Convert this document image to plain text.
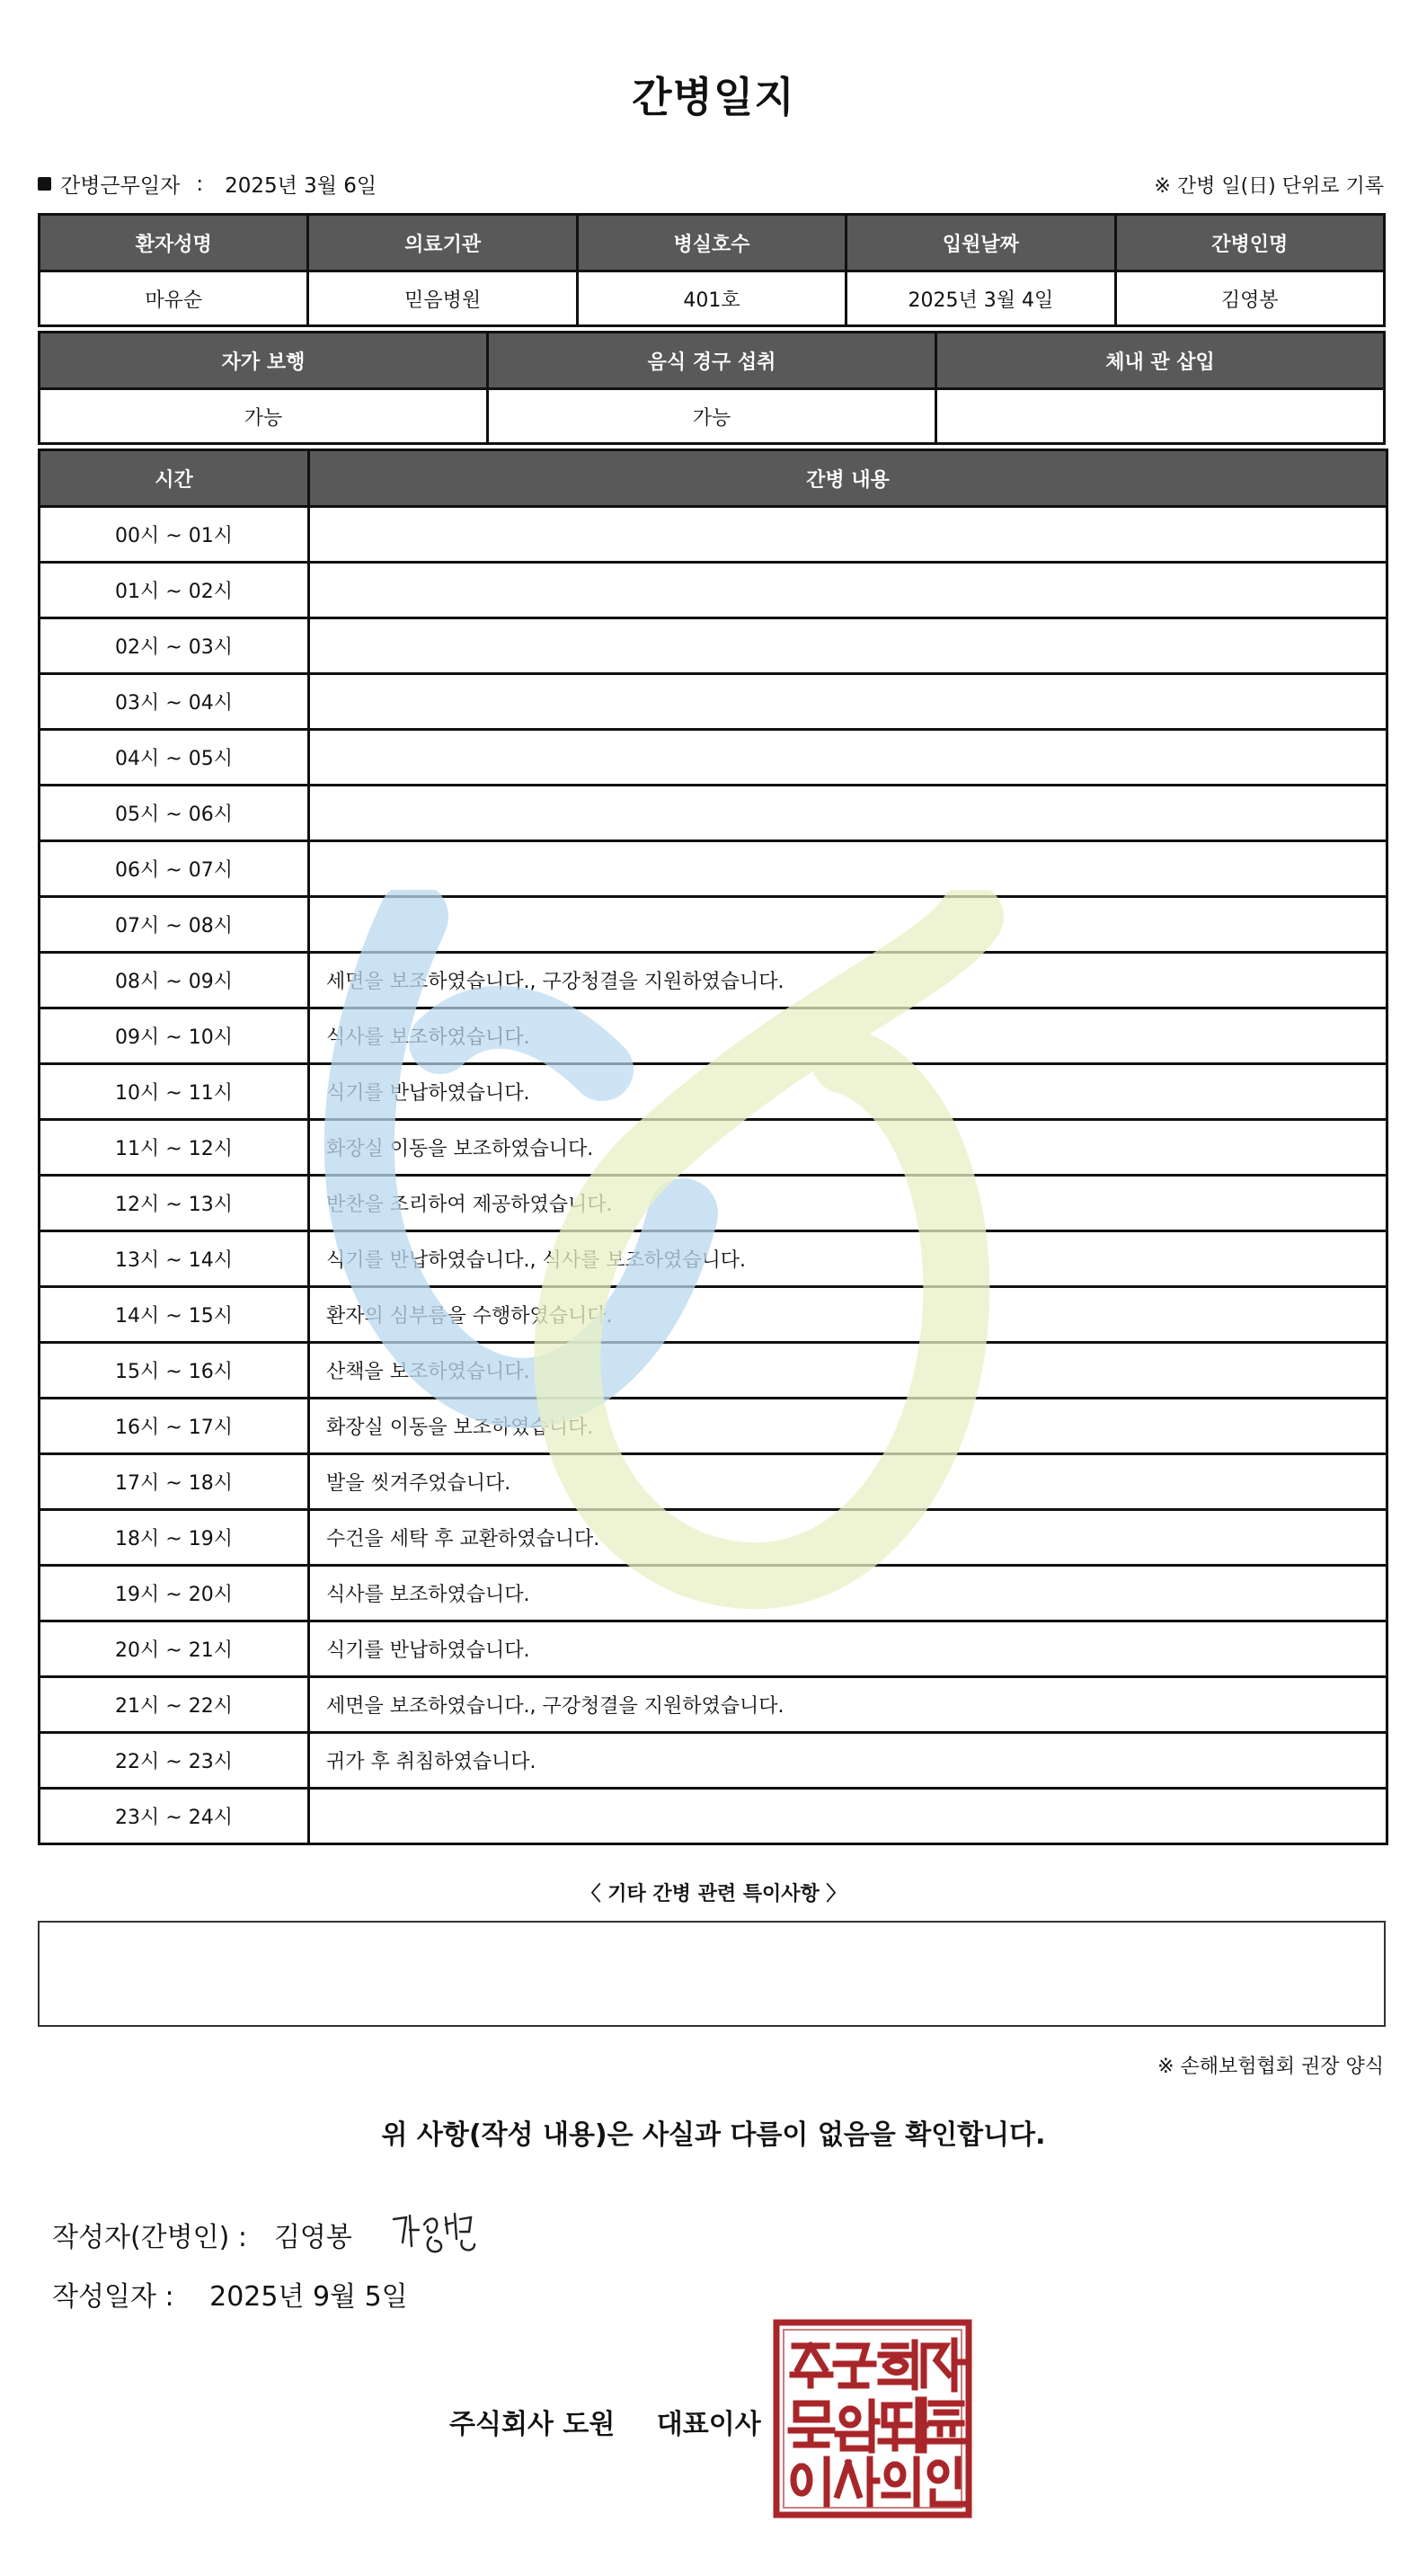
간병일지
간병근무일자 : 2025년 3월 6일	※ 간병 일(日) 단위로 기록
환자성명	의료기관	병실호수	입원날짜	간병인명
마유순	믿음병원	401호	2025년 3월 4일	김영봉
자가 보행	음식 경구 섭취	체내 관 삽입
가능	가능	
시간	간병 내용
00시 ~ 01시	
01시 ~ 02시	
02시 ~ 03시	
03시 ~ 04시	
04시 ~ 05시	
05시 ~ 06시	
06시 ~ 07시	
07시 ~ 08시	
08시 ~ 09시	세면을 보조하였습니다., 구강청결을 지원하였습니다.
09시 ~ 10시	식사를 보조하였습니다.
10시 ~ 11시	식기를 반납하였습니다.
11시 ~ 12시	화장실 이동을 보조하였습니다.
12시 ~ 13시	반찬을 조리하여 제공하였습니다.
13시 ~ 14시	식기를 반납하였습니다., 식사를 보조하였습니다.
14시 ~ 15시	환자의 심부름을 수행하였습니다.
15시 ~ 16시	산책을 보조하였습니다.
16시 ~ 17시	화장실 이동을 보조하였습니다.
17시 ~ 18시	발을 씻겨주었습니다.
18시 ~ 19시	수건을 세탁 후 교환하였습니다.
19시 ~ 20시	식사를 보조하였습니다.
20시 ~ 21시	식기를 반납하였습니다.
21시 ~ 22시	세면을 보조하였습니다., 구강청결을 지원하였습니다.
22시 ~ 23시	귀가 후 취침하였습니다.
23시 ~ 24시	
〈 기타 간병 관련 특이사항 〉
※ 손해보험협회 권장 양식
위 사항(작성 내용)은 사실과 다름이 없음을 확인합니다.
작성자(간병인) : 김영봉
작성일자 : 2025년 9월 5일
주식회사 도원 대표이사
